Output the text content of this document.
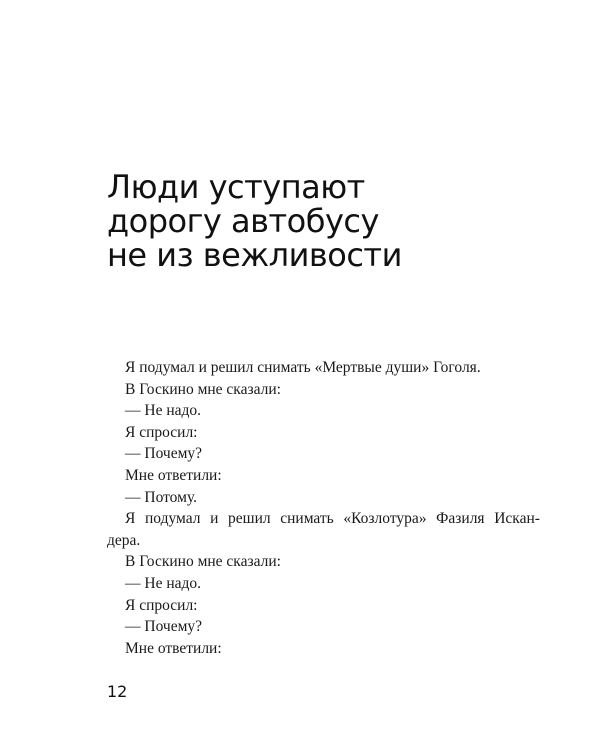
Люди уступают
дорогу автобусу
не из вежливости

Я подумал и решил снимать «Мертвые души» Гоголя.

В Госкино мне сказали:

— Не надо.

Я спросил:

— Почему?

Мне ответили:

— Потому.

Я подумал и решил снимать «Козлотура» Фазиля Искан-

дера.

В Госкино мне сказали:

— Не надо.

Я спросил:

— Почему?

Мне ответили:

12
